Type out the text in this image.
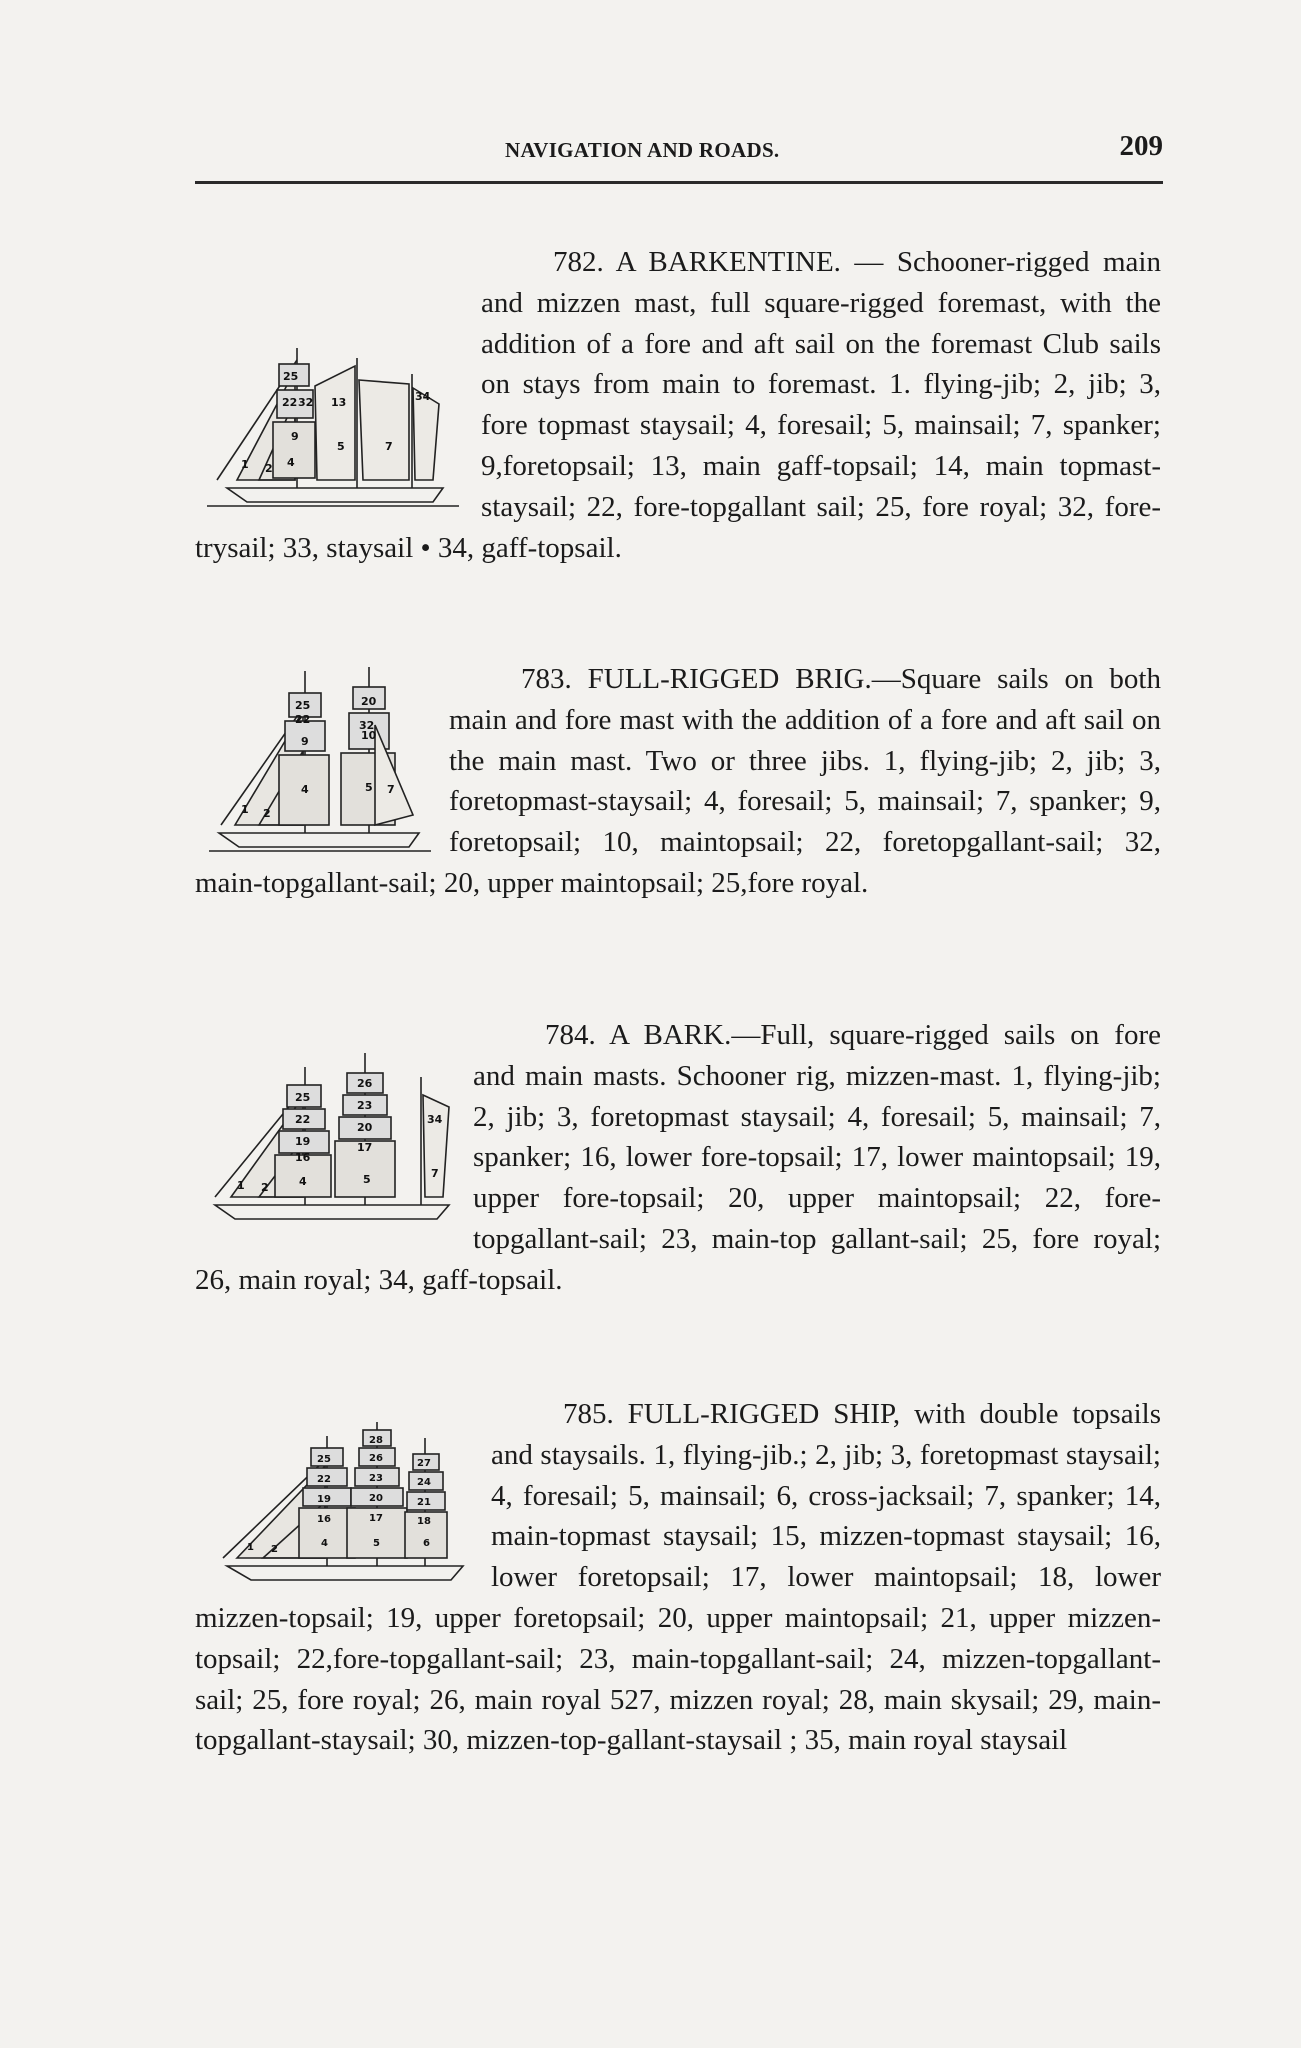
NAVIGATION AND ROADS.	209
25
22 32 13	34
9
4
5	7
1 2

782. A BARKENTINE. — Schooner-rigged main and mizzen mast, full square-rigged foremast, with the addition of a fore and aft sail on the foremast Club sails on stays from main to foremast. 1. flying-jib; 2, jib; 3, fore topmast staysail; 4, foresail; 5, mainsail; 7, spanker; 9,foretopsail; 13, main gaff-topsail; 14, main topmast-staysail; 22, fore-topgallant sail; 25, fore royal; 32, fore-trysail; 33, staysail • 34, gaff-topsail.

25
22
20
32
9	10
4	5 7
1 2

783. FULL-RIGGED BRIG.—Square sails on both main and fore mast with the addition of a fore and aft sail on the main mast. Two or three jibs. 1, flying-jib; 2, jib; 3, foretopmast-staysail; 4, foresail; 5, mainsail; 7, spanker; 9, foretopsail; 10, maintopsail; 22, foretopgallant-sail; 32, main-topgallant-sail; 20, upper maintopsail; 25,fore royal.

26
25
23
22
20
19	17
16
34
4	5	7
1 2

784. A BARK.—Full, square-rigged sails on fore and main masts. Schooner rig, mizzen-mast. 1, flying-jib; 2, jib; 3, foretopmast staysail; 4, foresail; 5, mainsail; 7, spanker; 16, lower fore-topsail; 17, lower maintopsail; 19, upper fore-topsail; 20, upper maintopsail; 22, fore-topgallant-sail; 23, main-top gallant-sail; 25, fore royal; 26, main royal; 34, gaff-topsail.

28
25	26	27
22	23	24
19	20	21
16	17	18
4	5	6
1 2

785. FULL-RIGGED SHIP, with double topsails and staysails. 1, flying-jib.; 2, jib; 3, foretopmast staysail; 4, foresail; 5, mainsail; 6, cross-jacksail; 7, spanker; 14, main-topmast staysail; 15, mizzen-topmast staysail; 16, lower foretopsail; 17, lower maintopsail; 18, lower mizzen-topsail; 19, upper foretopsail; 20, upper maintopsail; 21, upper mizzen-topsail; 22,fore-topgallant-sail; 23, main-topgallant-sail; 24, mizzen-topgallant-sail; 25, fore royal; 26, main royal 527, mizzen royal; 28, main skysail; 29, main-topgallant-staysail; 30, mizzen-top-gallant-staysail ; 35, main royal staysail
